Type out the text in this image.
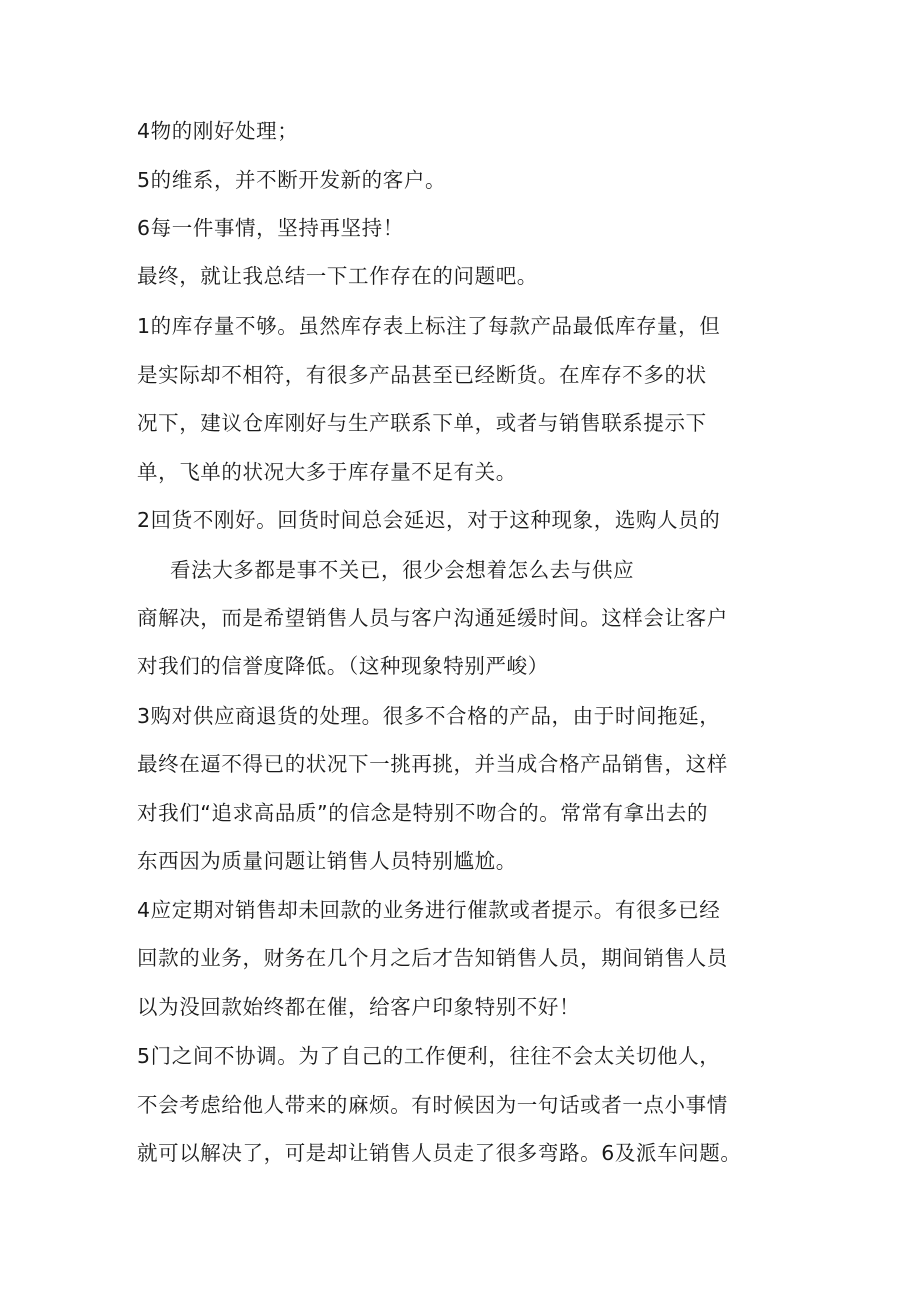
4物的刚好处理；
5的维系，并不断开发新的客户。
6每一件事情，坚持再坚持！
最终，就让我总结一下工作存在的问题吧。
1的库存量不够。虽然库存表上标注了每款产品最低库存量，但
是实际却不相符，有很多产品甚至已经断货。在库存不多的状
况下，建议仓库刚好与生产联系下单，或者与销售联系提示下
单，飞单的状况大多于库存量不足有关。
2回货不刚好。回货时间总会延迟，对于这种现象，选购人员的
看法大多都是事不关已，很少会想着怎么去与供应
商解决，而是希望销售人员与客户沟通延缓时间。这样会让客户
对我们的信誉度降低。（这种现象特别严峻）
3购对供应商退货的处理。很多不合格的产品，由于时间拖延，
最终在逼不得已的状况下一挑再挑，并当成合格产品销售，这样
对我们“追求高品质”的信念是特别不吻合的。常常有拿出去的
东西因为质量问题让销售人员特别尴尬。
4应定期对销售却未回款的业务进行催款或者提示。有很多已经
回款的业务，财务在几个月之后才告知销售人员，期间销售人员
以为没回款始终都在催，给客户印象特别不好！
5门之间不协调。为了自己的工作便利，往往不会太关切他人，
不会考虑给他人带来的麻烦。有时候因为一句话或者一点小事情
就可以解决了，可是却让销售人员走了很多弯路。6及派车问题。
